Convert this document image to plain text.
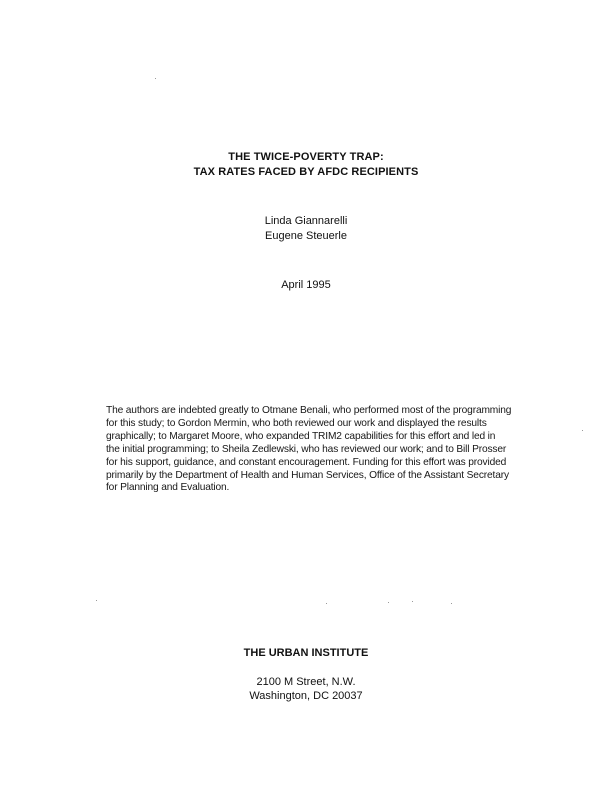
THE TWICE-POVERTY TRAP:
TAX RATES FACED BY AFDC RECIPIENTS
Linda Giannarelli
Eugene Steuerle
April 1995
The authors are indebted greatly to Otmane Benali, who performed most of the programming
for this study; to Gordon Mermin, who both reviewed our work and displayed the results
graphically; to Margaret Moore, who expanded TRIM2 capabilities for this effort and led in
the initial programming; to Sheila Zedlewski, who has reviewed our work; and to Bill Prosser
for his support, guidance, and constant encouragement. Funding for this effort was provided
primarily by the Department of Health and Human Services, Office of the Assistant Secretary
for Planning and Evaluation.
THE URBAN INSTITUTE
2100 M Street, N.W.
Washington, DC 20037
